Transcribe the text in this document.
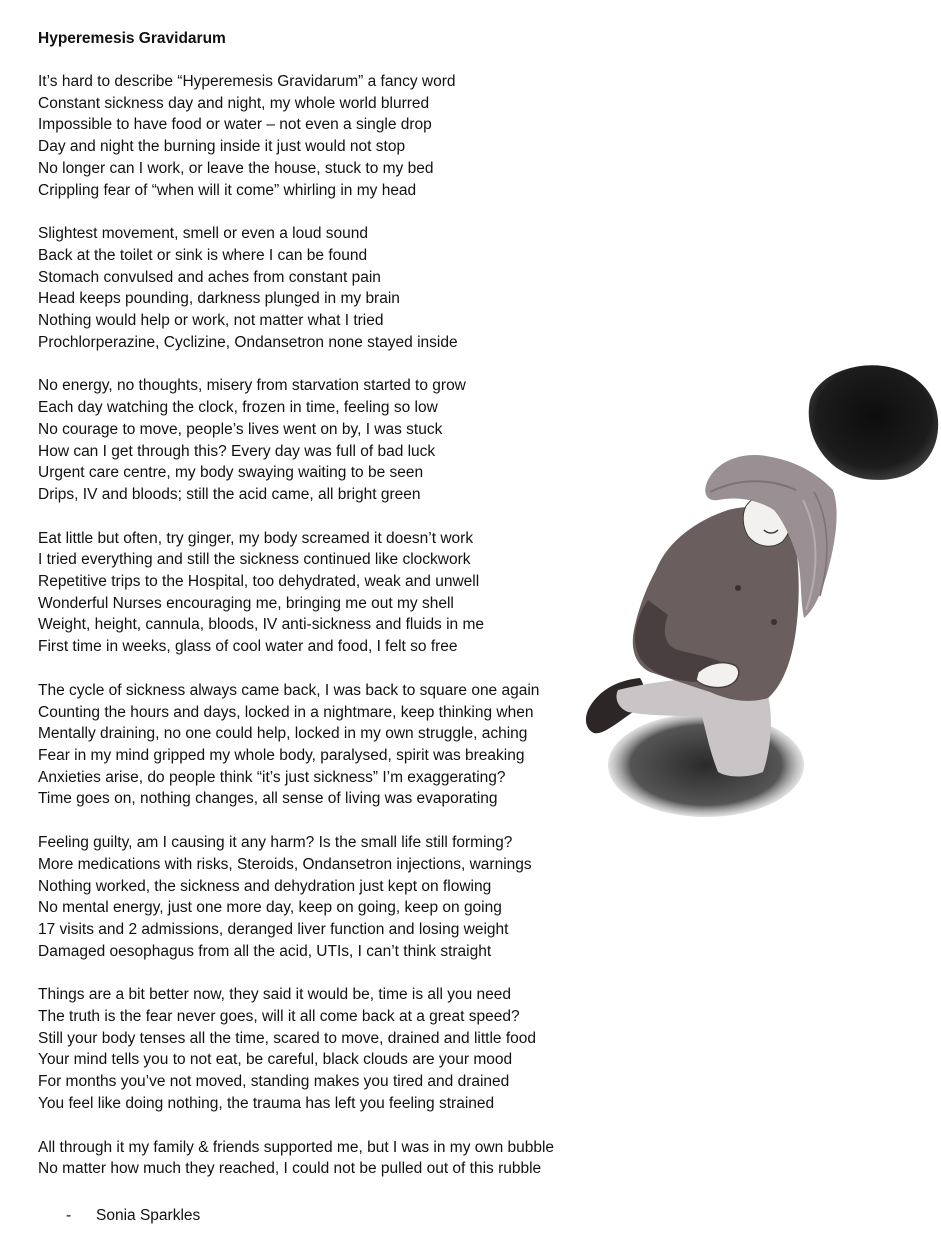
Hyperemesis Gravidarum
It’s hard to describe “Hyperemesis Gravidarum” a fancy word
Constant sickness day and night, my whole world blurred
Impossible to have food or water – not even a single drop
Day and night the burning inside it just would not stop
No longer can I work, or leave the house, stuck to my bed
Crippling fear of “when will it come” whirling in my head
Slightest movement, smell or even a loud sound
Back at the toilet or sink is where I can be found
Stomach convulsed and aches from constant pain
Head keeps pounding, darkness plunged in my brain
Nothing would help or work, not matter what I tried
Prochlorperazine, Cyclizine, Ondansetron none stayed inside
No energy, no thoughts, misery from starvation started to grow
Each day watching the clock, frozen in time, feeling so low
No courage to move, people’s lives went on by, I was stuck
How can I get through this? Every day was full of bad luck
Urgent care centre, my body swaying waiting to be seen
Drips, IV and bloods; still the acid came, all bright green
Eat little but often, try ginger, my body screamed it doesn’t work
I tried everything and still the sickness continued like clockwork
Repetitive trips to the Hospital, too dehydrated, weak and unwell
Wonderful Nurses encouraging me, bringing me out my shell
Weight, height, cannula, bloods, IV anti-sickness and fluids in me
First time in weeks, glass of cool water and food, I felt so free
The cycle of sickness always came back, I was back to square one again
Counting the hours and days, locked in a nightmare, keep thinking when
Mentally draining, no one could help, locked in my own struggle, aching
Fear in my mind gripped my whole body, paralysed, spirit was breaking
Anxieties arise, do people think “it’s just sickness” I’m exaggerating?
Time goes on, nothing changes, all sense of living was evaporating
Feeling guilty, am I causing it any harm? Is the small life still forming?
More medications with risks, Steroids, Ondansetron injections, warnings
Nothing worked, the sickness and dehydration just kept on flowing
No mental energy, just one more day, keep on going, keep on going
17 visits and 2 admissions, deranged liver function and losing weight
Damaged oesophagus from all the acid, UTIs, I can’t think straight
Things are a bit better now, they said it would be, time is all you need
The truth is the fear never goes, will it all come back at a great speed?
Still your body tenses all the time, scared to move, drained and little food
Your mind tells you to not eat, be careful, black clouds are your mood
For months you’ve not moved, standing makes you tired and drained
You feel like doing nothing, the trauma has left you feeling strained
All through it my family & friends supported me, but I was in my own bubble
No matter how much they reached, I could not be pulled out of this rubble
- Sonia Sparkles
